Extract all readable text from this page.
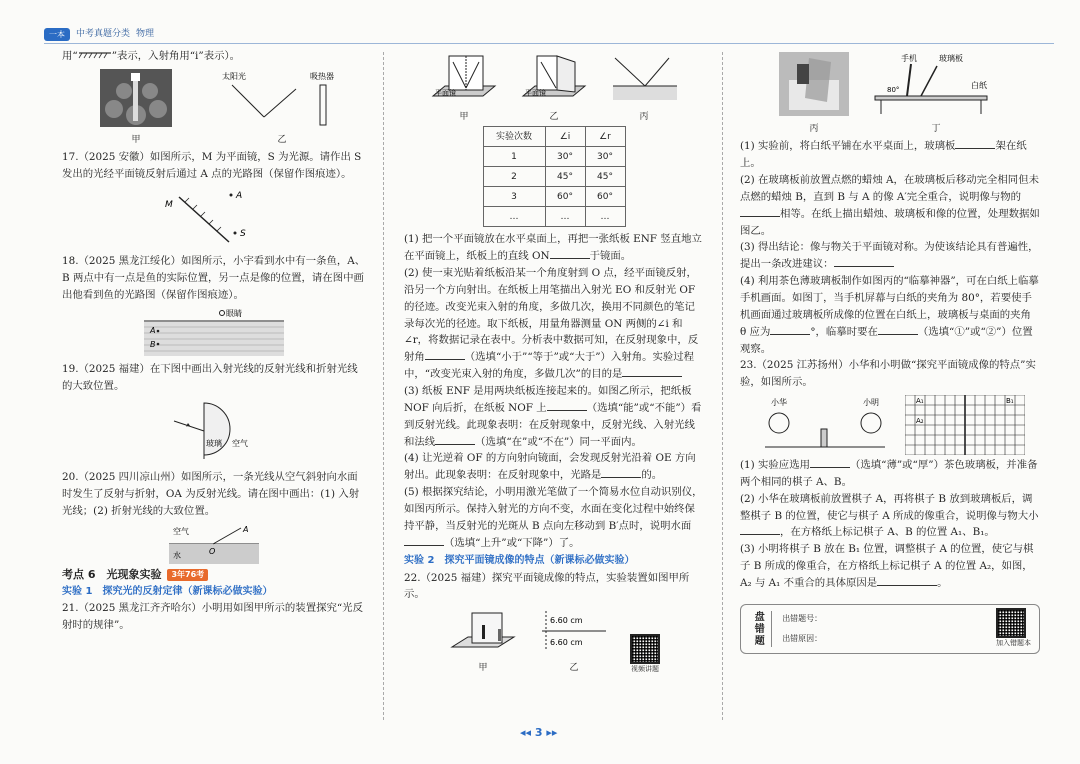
一本	中考真题分类 物理

用“	”表示，入射角用“i”表示）。

甲
太阳光	吸热器
乙

17.（2025 安徽）如图所示，M 为平面镜，S 为光源。请作出 S 发出的光经平面镜反射后通过 A 点的光路图（保留作图痕迹）。

M
A
S

18.（2025 黑龙江绥化）如图所示，小宇看到水中有一条鱼，A、B 两点中有一点是鱼的实际位置，另一点是像的位置，请在图中画出他看到鱼的光路图（保留作图痕迹）。

眼睛
A
B

19.（2025 福建）在下图中画出入射光线的反射光线和折射光线的大致位置。

玻璃 空气

20.（2025 四川凉山州）如图所示，一条光线从空气斜射向水面时发生了反射与折射，OA 为反射光线。请在图中画出：(1) 入射光线；(2) 折射光线的大致位置。

空气
水	O
A
考点 6　光现象实验	3年76考

实验 1　探究光的反射定律（新课标必做实验）

21.（2025 黑龙江齐齐哈尔）小明用如图甲所示的装置探究“光反射时的规律”。

平面镜
甲
平面镜
乙	丙
实验次数	∠i	∠r
1	30°	30°
2	45°	45°
3	60°	60°
…	…	…

(1) 把一个平面镜放在水平桌面上，再把一张纸板 ENF 竖直地立在平面镜上，纸板上的直线 ON	于镜面。

(2) 使一束光贴着纸板沿某一个角度射到 O 点，经平面镜反射，沿另一个方向射出。在纸板上用笔描出入射光 EO 和反射光 OF 的径迹。改变光束入射的角度，多做几次，换用不同颜色的笔记录每次光的径迹。取下纸板，用量角器测量 ON 两侧的∠i 和∠r，将数据记录在表中。分析表中数据可知，在反射现象中，反射角	（选填“小于”“等于”或“大于”）入射角。实验过程中，“改变光束入射的角度，多做几次”的目的是

(3) 纸板 ENF 是用两块纸板连接起来的。如图乙所示，把纸板 NOF 向后折，在纸板 NOF 上	（选填“能”或“不能”）看到反射光线。此现象表明：在反射现象中，反射光线、入射光线和法线	（选填“在”或“不在”）同一平面内。

(4) 让光逆着 OF 的方向射向镜面，会发现反射光沿着 OE 方向射出。此现象表明：在反射现象中，光路是	的。

(5) 根据探究结论，小明用激光笔做了一个简易水位自动识别仪，如图丙所示。保持入射光的方向不变，水面在变化过程中始终保持平静，当反射光的光斑从 B 点向左移动到 B′点时，说明水面（选填“上升”或“下降”）了。

实验 2　探究平面镜成像的特点（新课标必做实验）

22.（2025 福建）探究平面镜成像的特点，实验装置如图甲所示。

甲
6.60 cm
6.60 cm
乙	视频讲题
丙
手机	玻璃板
白纸
80°
丁

(1) 实验前，将白纸平铺在水平桌面上，玻璃板	架在纸上。

(2) 在玻璃板前放置点燃的蜡烛 A，在玻璃板后移动完全相同但未点燃的蜡烛 B，直到 B 与 A 的像 A′完全重合，说明像与物的相等。在纸上描出蜡烛、玻璃板和像的位置，处理数据如图乙。

(3) 得出结论：像与物关于平面镜对称。为使该结论具有普遍性，提出一条改进建议：

(4) 利用茶色薄玻璃板制作如图丙的“临摹神器”，可在白纸上临摹手机画面。如图丁，当手机屏幕与白纸的夹角为 80°，若要使手机画面通过玻璃板所成像的位置在白纸上，玻璃板与桌面的夹角 θ 应为	°，临摹时要在	（选填“①”或“②”）位置观察。

23.（2025 江苏扬州）小华和小明做“探究平面镜成像的特点”实验，如图所示。

小华	小明	A₁
A₂
B₁

(1) 实验应选用	（选填“薄”或“厚”）茶色玻璃板，并准备两个相同的棋子 A、B。

(2) 小华在玻璃板前放置棋子 A，再将棋子 B 放到玻璃板后，调整棋子 B 的位置，使它与棋子 A 所成的像重合，说明像与物大小，在方格纸上标记棋子 A、B 的位置 A₁、B₁。

(3) 小明将棋子 B 放在 B₁ 位置，调整棋子 A 的位置，使它与棋子 B 所成的像重合，在方格纸上标记棋子 A 的位置 A₂，如图，A₂ 与 A₁ 不重合的具体原因是	。

盘错题	出错题号：
出错原因：
加入错题本
◂◂ 3 ▸▸
